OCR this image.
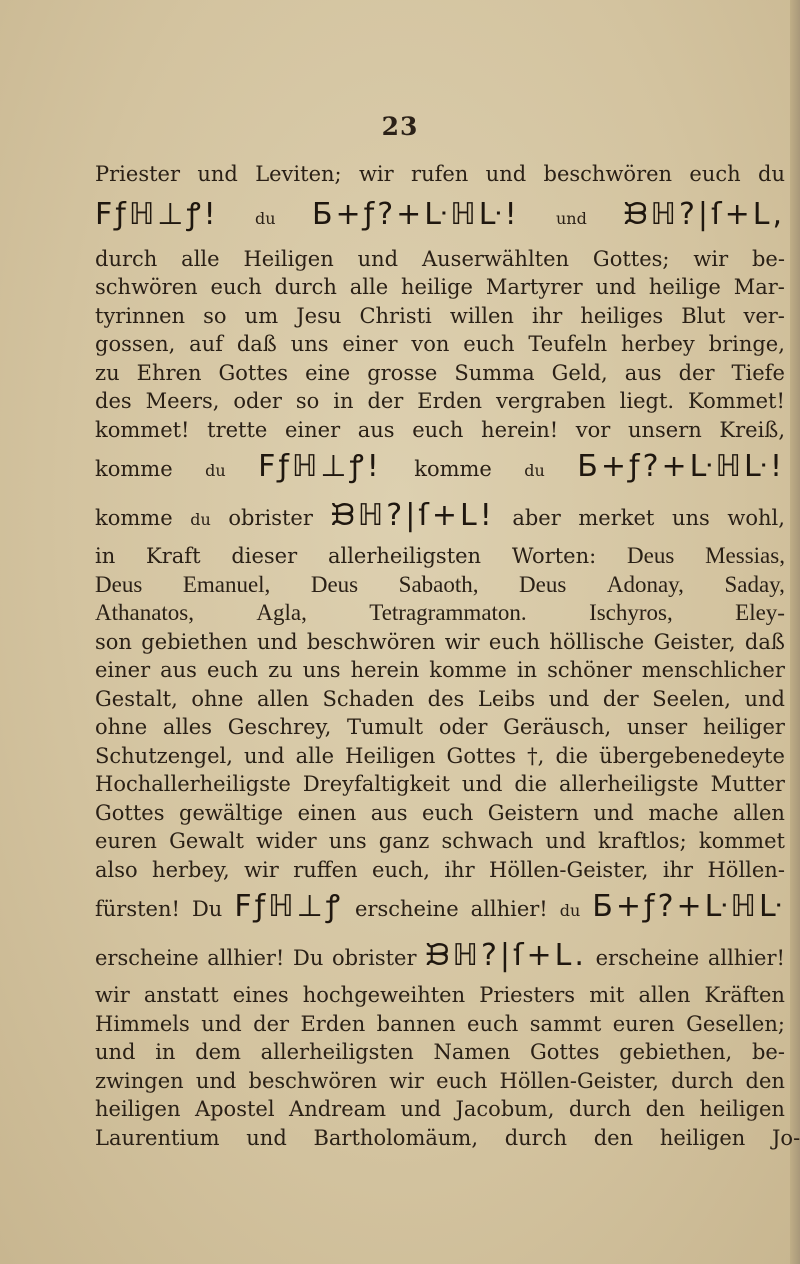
23
Priester und Leviten; wir rufen und beschwören euch du
Ϝƒℍ⊥ꝭ! du Ƃ+ƒ?+ᒷℍᒷ! und ᙖℍ?|ſ+ᒪ,
durch alle Heiligen und Auserwählten Gottes; wir be-
schwören euch durch alle heilige Martyrer und heilige Mar-
tyrinnen so um Jesu Christi willen ihr heiliges Blut ver-
gossen, auf daß uns einer von euch Teufeln herbey bringe,
zu Ehren Gottes eine grosse Summa Geld, aus der Tiefe
des Meers, oder so in der Erden vergraben liegt. Kommet!
kommet! trette einer aus euch herein! vor unsern Kreiß,
komme du Ϝƒℍ⊥ꝭ! komme du Ƃ+ƒ?+ᒷℍᒷ!
komme du obrister ᙖℍ?|ſ+ᒪ! aber merket uns wohl,
in Kraft dieser allerheiligsten Worten: Deus Messias,
Deus Emanuel, Deus Sabaoth, Deus Adonay, Saday,
Athanatos,	Agla,	Tetragrammaton.	Ischyros,	Eley-
son gebiethen und beschwören wir euch höllische Geister, daß
einer aus euch zu uns herein komme in schöner menschlicher
Gestalt, ohne allen Schaden des Leibs und der Seelen, und
ohne alles Geschrey, Tumult oder Geräusch, unser heiliger
Schutzengel, und alle Heiligen Gottes †, die übergebenedeyte
Hochallerheiligste Dreyfaltigkeit und die allerheiligste Mutter
Gottes gewältige einen aus euch Geistern und mache allen
euren Gewalt wider uns ganz schwach und kraftlos; kommet
also herbey, wir ruffen euch, ihr Höllen-Geister, ihr Höllen-
fürsten! Du Ϝƒℍ⊥ꝭ erscheine allhier! du Ƃ+ƒ?+ᒷℍᒷ
erscheine allhier! Du obrister ᙖℍ?|ſ+ᒪ. erscheine allhier!
wir anstatt eines hochgeweihten Priesters mit allen Kräften
Himmels und der Erden bannen euch sammt euren Gesellen;
und in dem allerheiligsten Namen Gottes gebiethen, be-
zwingen und beschwören wir euch Höllen-Geister, durch den
heiligen Apostel Andream und Jacobum, durch den heiligen
Laurentium
und
Bartholomäum,
durch
den
heiligen
Jo-
